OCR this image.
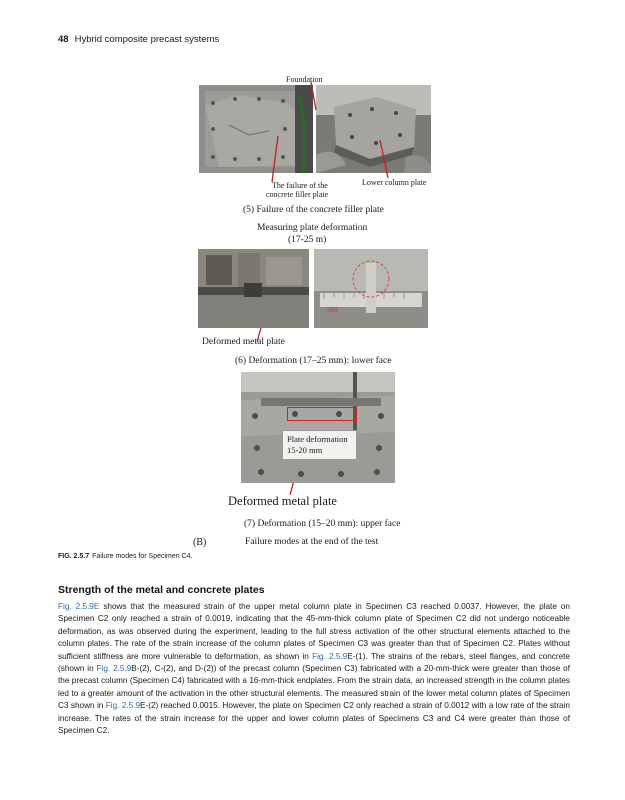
48 Hybrid composite precast systems
Foundation
The failure of the
concrete filler plate
Lower column plate
(5) Failure of the concrete filler plate
Measuring plate deformation
(17-25 m)
500
Deformed metal plate
(6) Deformation (17–25 mm): lower face
Plate deformation
15-20 mm
Deformed metal plate
(7) Deformation (15–20 mm): upper face
(B)	Failure modes at the end of the test
FIG. 2.5.7 Failure modes for Specimen C4.
Strength of the metal and concrete plates
Fig. 2.5.9E shows that the measured strain of the upper metal column plate in Specimen C3 reached 0.0037. However, the plate on Specimen C2 only reached a strain of 0.0019, indicating that the 45-mm-thick column plate of Specimen C2 did not undergo noticeable deformation, as was observed during the experiment, leading to the full stress activation of the other structural elements attached to the column plates. The rate of the strain increase of the column plates of Specimen C3 was greater than that of Specimen C2. Plates without sufficient stiffness are more vulnerable to deformation, as shown in Fig. 2.5.9E-(1). The strains of the rebars, steel flanges, and concrete (shown in Fig. 2.5.9B-(2), C-(2), and D-(2)) of the precast column (Specimen C3) fabricated with a 20-mm-thick were greater than those of the precast column (Specimen C4) fabricated with a 16-mm-thick endplates. From the strain data, an increased strength in the column plates led to a greater amount of the activation in the other structural elements. The measured strain of the lower metal column plates of Specimen C3 shown in Fig. 2.5.9E-(2) reached 0.0015. However, the plate on Specimen C2 only reached a strain of 0.0012 with a low rate of the strain increase. The rates of the strain increase for the upper and lower column plates of Specimens C3 and C4 were greater than those of Specimen C2.
